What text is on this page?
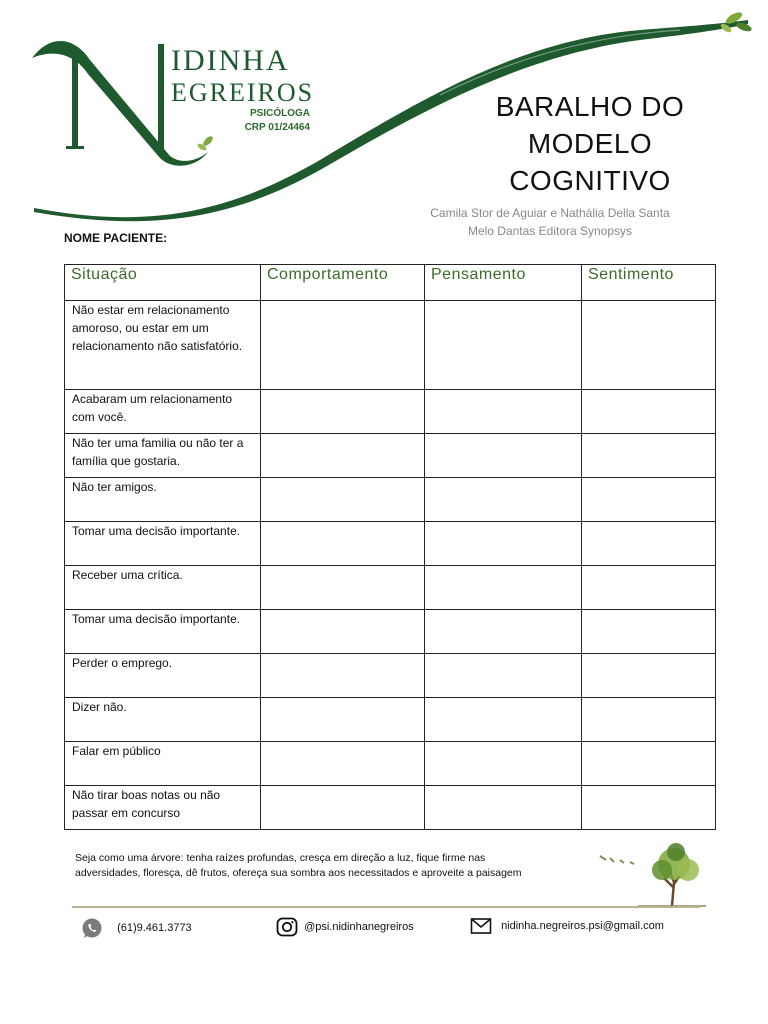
IDINHA
EGREIROS
PSICÓLOGA
CRP 01/24464
BARALHO DO
MODELO
COGNITIVO
Camila Stor de Aguiar e Nathália Della Santa
Melo Dantas Editora Synopsys
NOME PACIENTE:
Situação	Comportamento	Pensamento	Sentimento
Não estar em relacionamento amoroso, ou estar em um relacionamento não satisfatório.			
Acabaram um relacionamento com você.			
Não ter uma familia ou não ter a família que gostaria.			
Não ter amigos.			
Tomar uma decisão importante.			
Receber uma crítica.			
Tomar uma decisão importante.			
Perder o emprego.			
Dizer não.			
Falar em público			
Não tirar boas notas ou não passar em concurso			
Seja como uma árvore: tenha raízes profundas, cresça em direção a luz, fique firme nas
adversidades, floresça, dê frutos, ofereça sua sombra aos necessitados e aproveite a paisagem
(61)9.461.3773	@psi.nidinhanegreiros	nidinha.negreiros.psi@gmail.com
